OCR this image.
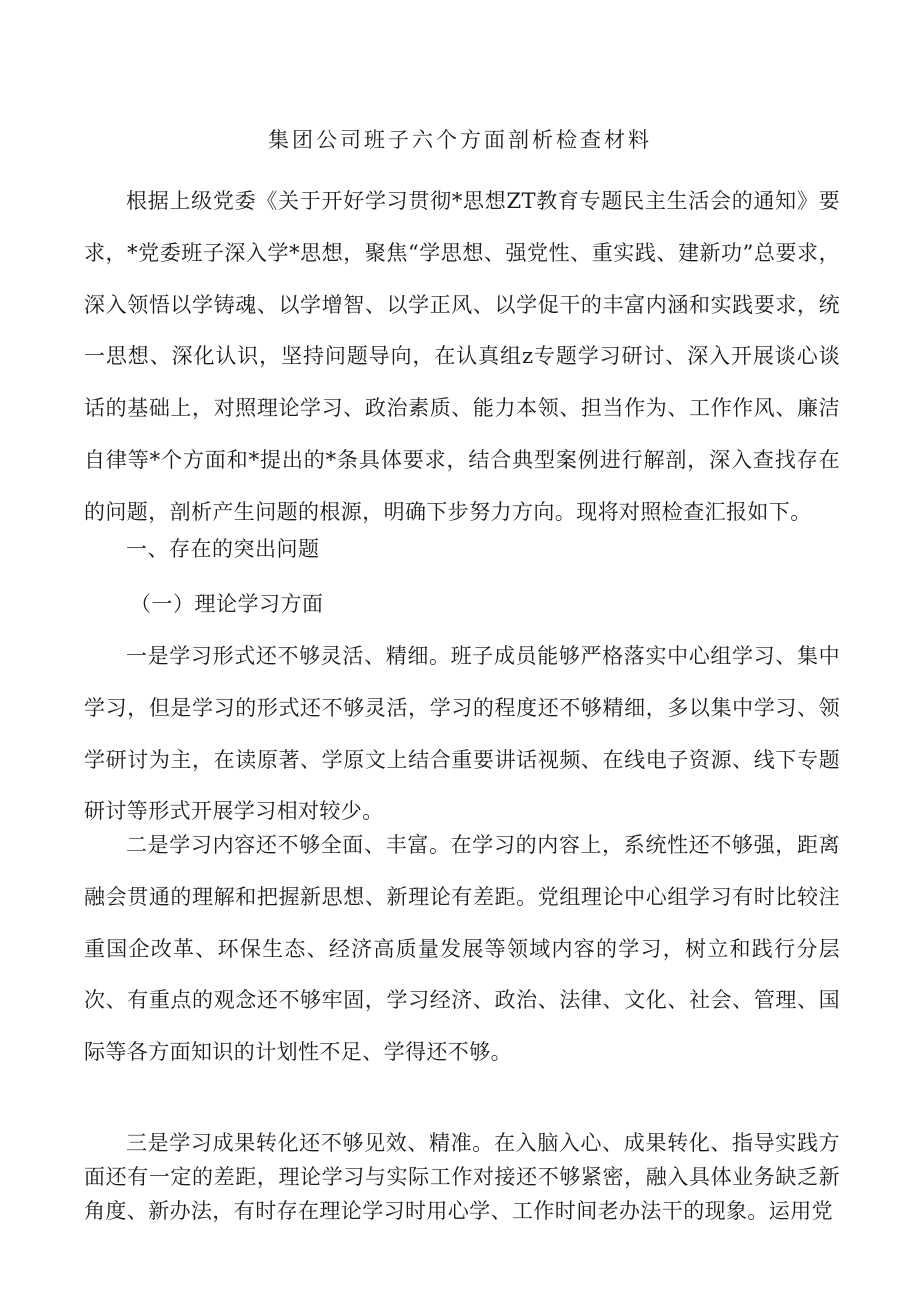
集团公司班子六个方面剖析检查材料

根据上级党委《关于开好学习贯彻*思想ZT教育专题民主生活会的通知》要求，*党委班子深入学*思想，聚焦“学思想、强党性、重实践、建新功”总要求，深入领悟以学铸魂、以学增智、以学正风、以学促干的丰富内涵和实践要求，统一思想、深化认识，坚持问题导向，在认真组z专题学习研讨、深入开展谈心谈话的基础上，对照理论学习、政治素质、能力本领、担当作为、工作作风、廉洁自律等*个方面和*提出的*条具体要求，结合典型案例进行解剖，深入查找存在的问题，剖析产生问题的根源，明确下步努力方向。现将对照检查汇报如下。

一、存在的突出问题
（一）理论学习方面

一是学习形式还不够灵活、精细。班子成员能够严格落实中心组学习、集中学习，但是学习的形式还不够灵活，学习的程度还不够精细，多以集中学习、领学研讨为主，在读原著、学原文上结合重要讲话视频、在线电子资源、线下专题研讨等形式开展学习相对较少。

二是学习内容还不够全面、丰富。在学习的内容上，系统性还不够强，距离融会贯通的理解和把握新思想、新理论有差距。党组理论中心组学习有时比较注重国企改革、环保生态、经济高质量发展等领域内容的学习，树立和践行分层次、有重点的观念还不够牢固，学习经济、政治、法律、文化、社会、管理、国际等各方面知识的计划性不足、学得还不够。

三是学习成果转化还不够见效、精准。在入脑入心、成果转化、指导实践方面还有一定的差距，理论学习与实际工作对接还不够紧密，融入具体业务缺乏新角度、新办法，有时存在理论学习时用心学、工作时间老办法干的现象。运用党
